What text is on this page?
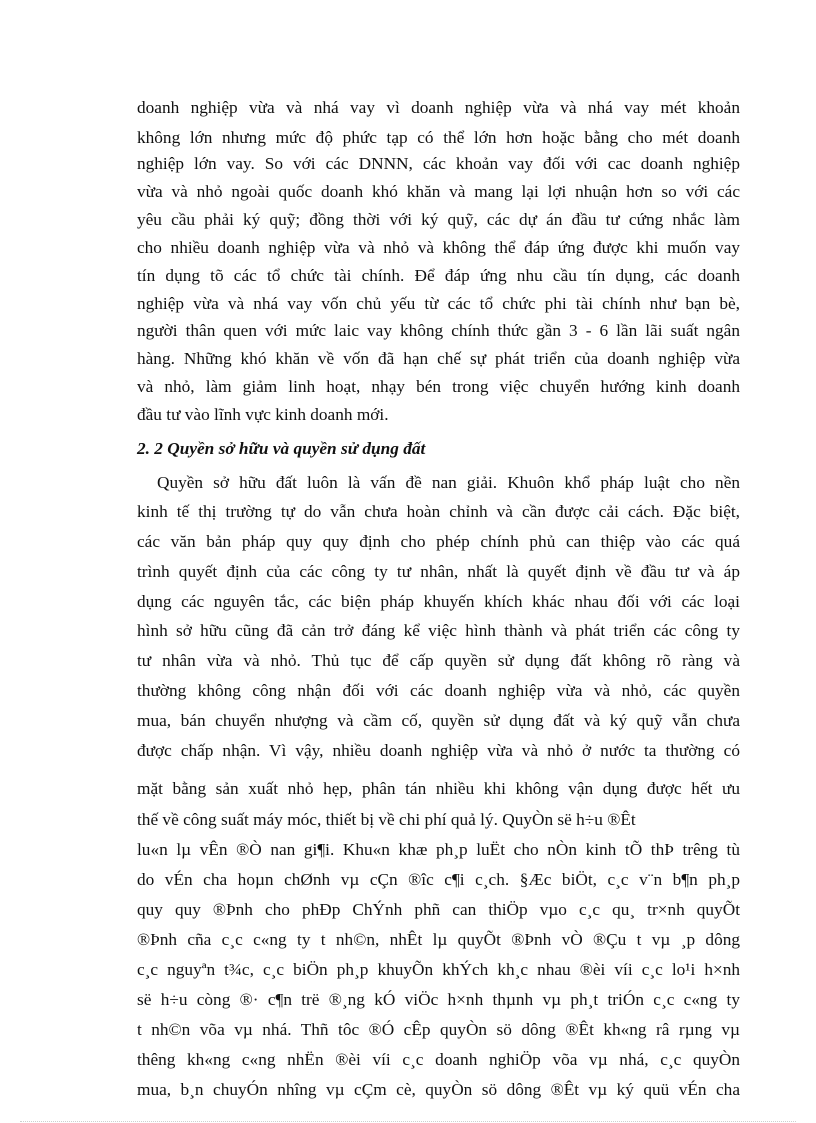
doanh nghiệp vừa và nhá vay vì doanh nghiệp vừa và nhá vay mét khoản
không lớn nhưng mức độ phức tạp có thể lớn hơn hoặc bằng cho mét doanh
nghiệp lớn vay. So với các DNNN, các khoản vay đối với cac doanh nghiệp
vừa và nhỏ ngoài quốc doanh khó khăn và mang lại lợi nhuận hơn so với các
yêu cầu phải ký quỹ; đồng thời với ký quỹ, các dự án đầu tư cứng nhắc làm
cho nhiều doanh nghiệp vừa và nhỏ và không thể đáp ứng được khi muốn vay
tín dụng tõ các tổ chức tài chính. Để đáp ứng nhu cầu tín dụng, các doanh
nghiệp vừa và nhá vay vốn chủ yếu từ các tổ chức phi tài chính như bạn bè,
người thân quen với mức laic vay không chính thức gần 3 - 6 lần lãi suất ngân
hàng. Những khó khăn về vốn đã hạn chế sự phát triển của doanh nghiệp vừa
và nhỏ, làm giảm linh hoạt, nhạy bén trong việc chuyển hướng kinh doanh
đầu tư vào lĩnh vực kinh doanh mới.
2. 2 Quyền sở hữu và quyền sử dụng đất
Quyền sở hữu đất luôn là vấn đề nan giải. Khuôn khổ pháp luật cho nền
kinh tế thị trường tự do vẫn chưa hoàn chỉnh và cần được cải cách. Đặc biệt,
các văn bản pháp quy quy định cho phép chính phủ can thiệp vào các quá
trình quyết định của các công ty tư nhân, nhất là quyết định về đầu tư và áp
dụng các nguyên tắc, các biện pháp khuyến khích khác nhau đối với các loại
hình sở hữu cũng đã cản trở đáng kể việc hình thành và phát triển các công ty
tư nhân vừa và nhỏ. Thủ tục để cấp quyền sử dụng đất không rõ ràng và
thường không công nhận đối với các doanh nghiệp vừa và nhỏ, các quyền
mua, bán chuyển nhượng và cầm cố, quyền sử dụng đất và ký quỹ vẫn chưa
được chấp nhận. Vì vậy, nhiều doanh nghiệp vừa và nhỏ ở nước ta thường có
mặt bằng sản xuất nhỏ hẹp, phân tán nhiều khi không vận dụng được hết ưu
thế về công suất máy móc, thiết bị về chi phí quả lý. QuyÒn së h÷u ®Êt
lu«n lµ vÊn ®Ò nan gi¶i. Khu«n khæ ph¸p luËt cho nÒn kinh tÕ thÞ trêng tù
do vÉn cha hoµn chØnh vµ cÇn ®îc c¶i c¸ch. §Æc biÖt, c¸c v¨n b¶n ph¸p
quy quy ®Þnh cho phÐp ChÝnh phñ can thiÖp vµo c¸c qu¸ tr×nh quyÕt
®Þnh cña c¸c c«ng ty t nh©n, nhÊt lµ quyÕt ®Þnh vÒ ®Çu t vµ ¸p dông
c¸c nguyªn t¾c, c¸c biÖn ph¸p khuyÕn khÝch kh¸c nhau ®èi víi c¸c lo¹i h×nh
së h÷u còng ®· c¶n trë ®¸ng kÓ viÖc h×nh thµnh vµ ph¸t triÓn c¸c c«ng ty
t nh©n võa vµ nhá. Thñ tôc ®Ó cÊp quyÒn sö dông ®Êt kh«ng râ rµng vµ
thêng kh«ng c«ng nhËn ®èi víi c¸c doanh nghiÖp võa vµ nhá, c¸c quyÒn
mua, b¸n chuyÓn nhîng vµ cÇm cè, quyÒn sö dông ®Êt vµ ký quü vÉn cha
